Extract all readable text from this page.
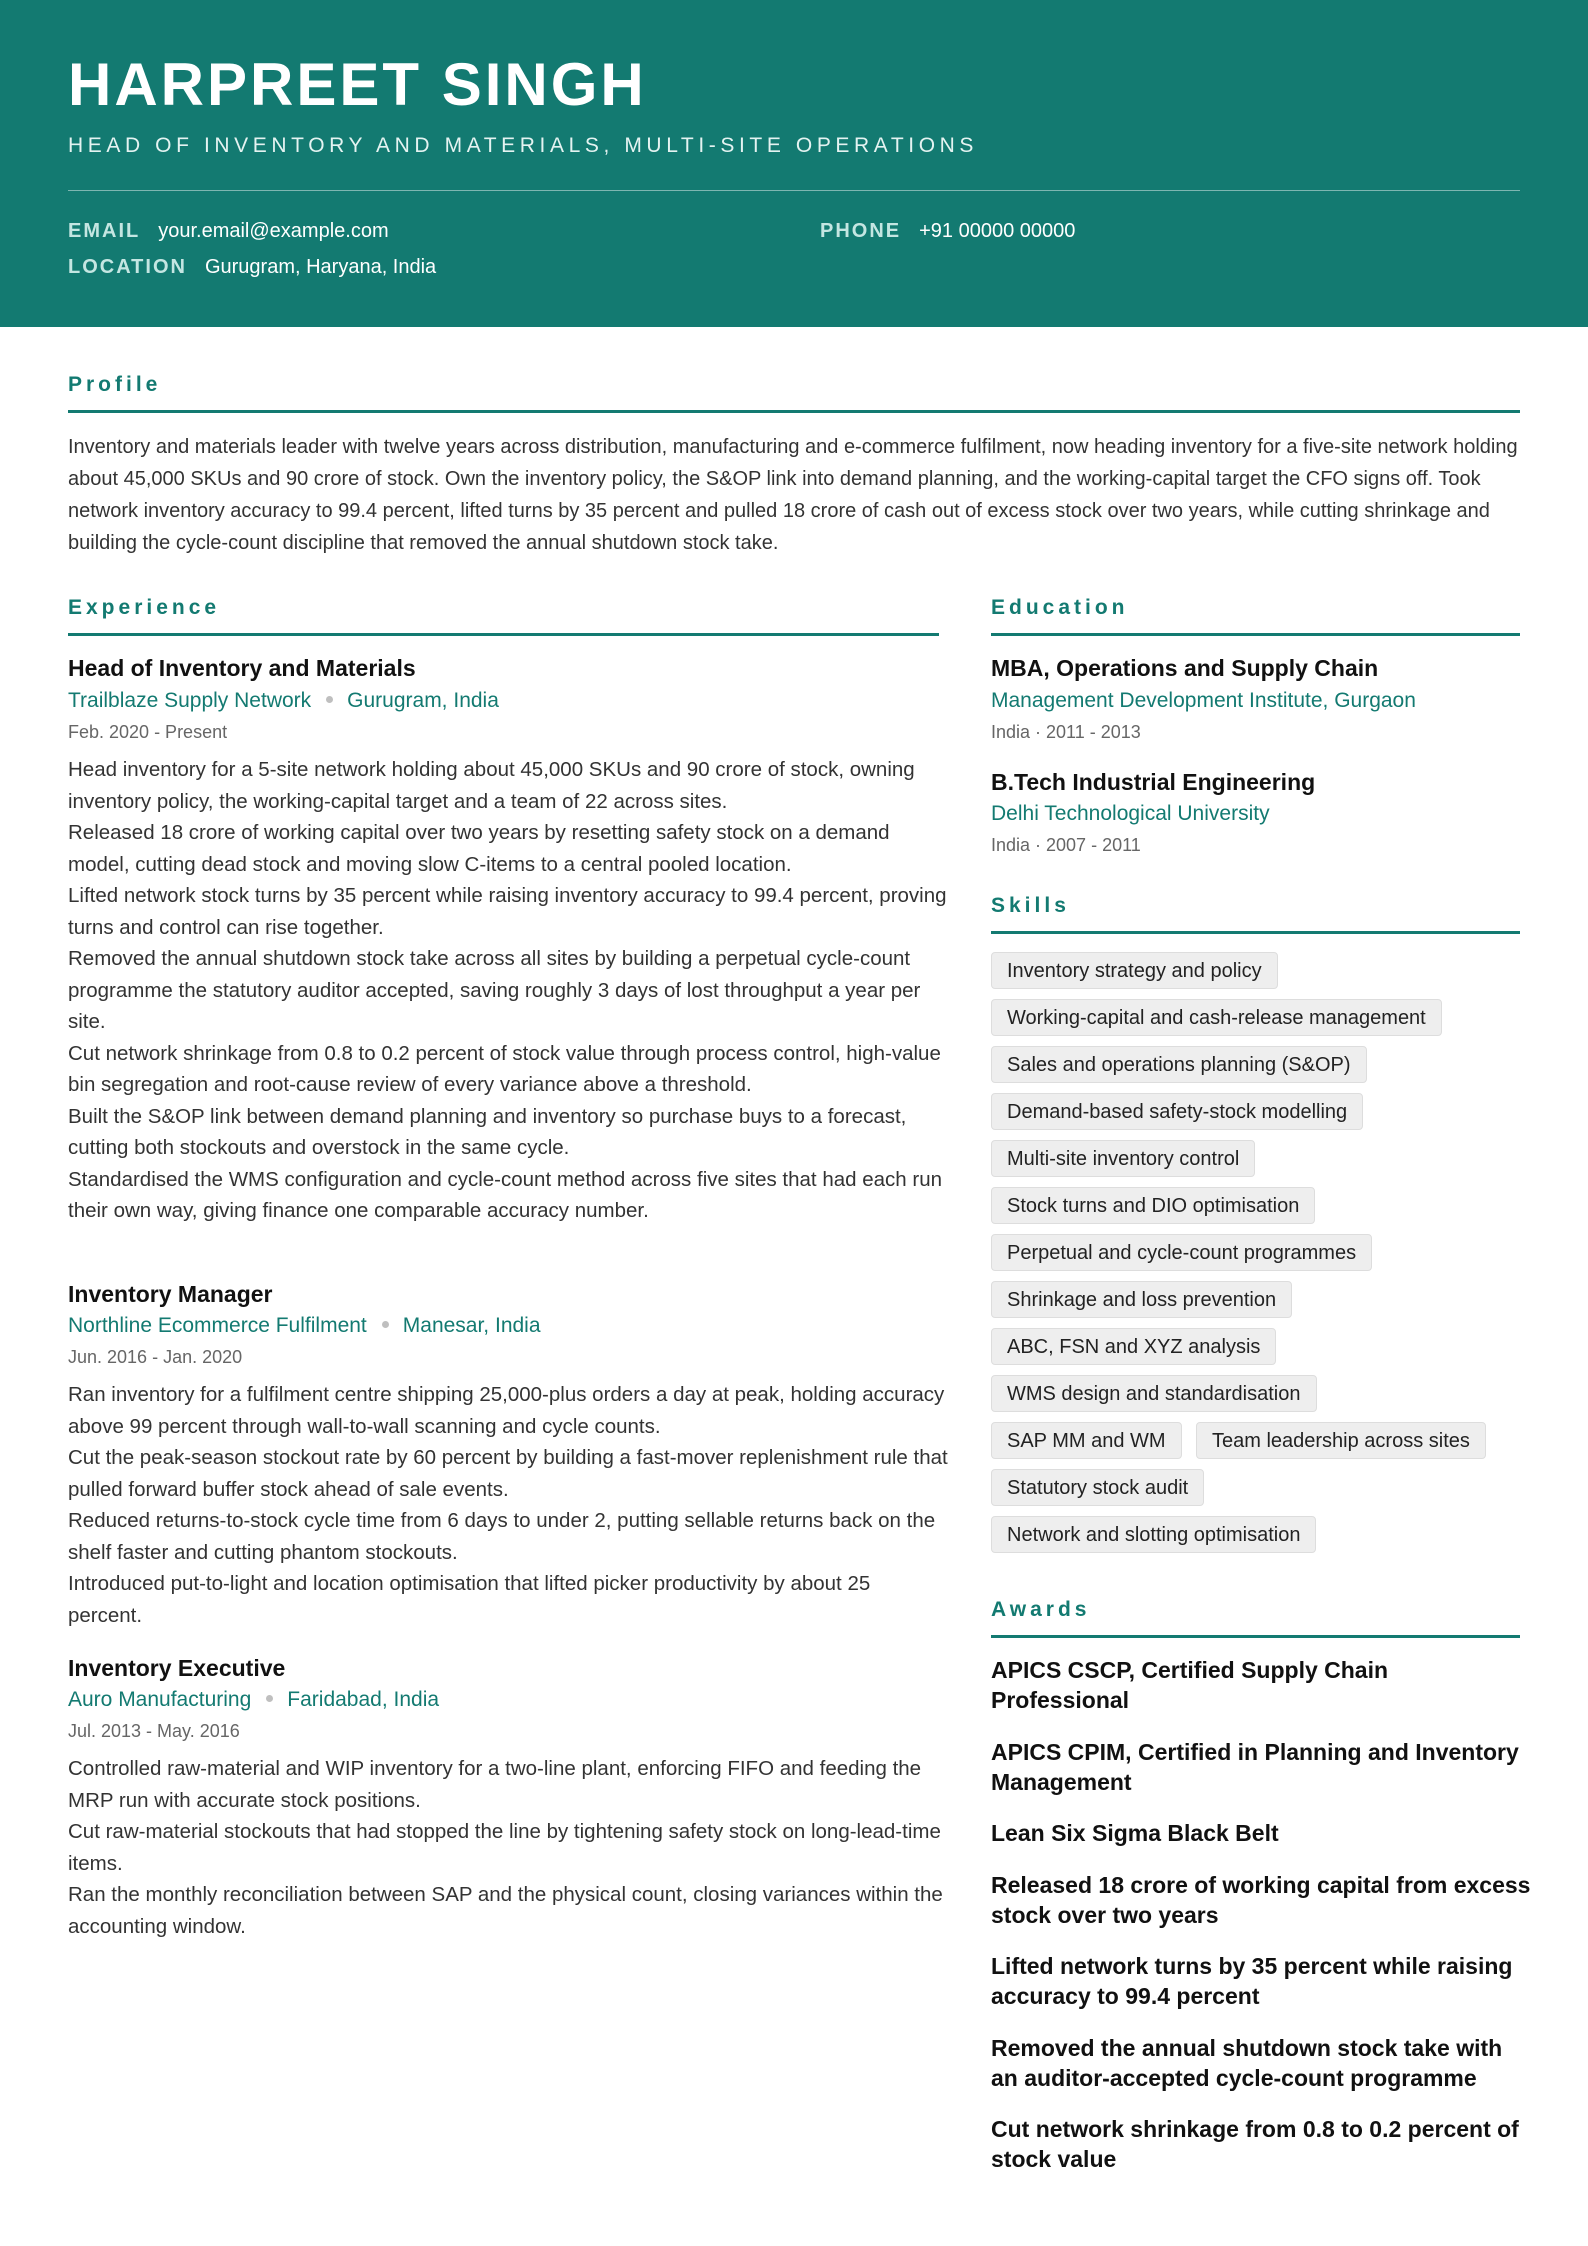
HARPREET SINGH
HEAD OF INVENTORY AND MATERIALS, MULTI-SITE OPERATIONS
EMAIL your.email@example.com	PHONE +91 00000 00000
LOCATION Gurugram, Haryana, India
Profile
Inventory and materials leader with twelve years across distribution, manufacturing and e-commerce fulfilment, now heading inventory for a five-site network holding about 45,000 SKUs and 90 crore of stock. Own the inventory policy, the S&OP link into demand planning, and the working-capital target the CFO signs off. Took network inventory accuracy to 99.4 percent, lifted turns by 35 percent and pulled 18 crore of cash out of excess stock over two years, while cutting shrinkage and building the cycle-count discipline that removed the annual shutdown stock take.
Experience
Head of Inventory and Materials
Trailblaze Supply Network Gurugram, India
Feb. 2020 - Present
Head inventory for a 5-site network holding about 45,000 SKUs and 90 crore of stock, owning inventory policy, the working-capital target and a team of 22 across sites.
Released 18 crore of working capital over two years by resetting safety stock on a demand model, cutting dead stock and moving slow C-items to a central pooled location.
Lifted network stock turns by 35 percent while raising inventory accuracy to 99.4 percent, proving turns and control can rise together.
Removed the annual shutdown stock take across all sites by building a perpetual cycle-count programme the statutory auditor accepted, saving roughly 3 days of lost throughput a year per site.
Cut network shrinkage from 0.8 to 0.2 percent of stock value through process control, high-value bin segregation and root-cause review of every variance above a threshold.
Built the S&OP link between demand planning and inventory so purchase buys to a forecast, cutting both stockouts and overstock in the same cycle.
Standardised the WMS configuration and cycle-count method across five sites that had each run their own way, giving finance one comparable accuracy number.
Inventory Manager
Northline Ecommerce Fulfilment Manesar, India
Jun. 2016 - Jan. 2020
Ran inventory for a fulfilment centre shipping 25,000-plus orders a day at peak, holding accuracy above 99 percent through wall-to-wall scanning and cycle counts.
Cut the peak-season stockout rate by 60 percent by building a fast-mover replenishment rule that pulled forward buffer stock ahead of sale events.
Reduced returns-to-stock cycle time from 6 days to under 2, putting sellable returns back on the shelf faster and cutting phantom stockouts.
Introduced put-to-light and location optimisation that lifted picker productivity by about 25 percent.
Inventory Executive
Auro Manufacturing Faridabad, India
Jul. 2013 - May. 2016
Controlled raw-material and WIP inventory for a two-line plant, enforcing FIFO and feeding the MRP run with accurate stock positions.
Cut raw-material stockouts that had stopped the line by tightening safety stock on long-lead-time items.
Ran the monthly reconciliation between SAP and the physical count, closing variances within the accounting window.
Education
MBA, Operations and Supply Chain
Management Development Institute, Gurgaon
India · 2011 - 2013
B.Tech Industrial Engineering
Delhi Technological University
India · 2007 - 2011
Skills
Inventory strategy and policy
Working-capital and cash-release management
Sales and operations planning (S&OP)
Demand-based safety-stock modelling
Multi-site inventory control
Stock turns and DIO optimisation
Perpetual and cycle-count programmes
Shrinkage and loss prevention
ABC, FSN and XYZ analysis
WMS design and standardisation
SAP MM and WM	Team leadership across sites
Statutory stock audit
Network and slotting optimisation
Awards
APICS CSCP, Certified Supply Chain Professional
APICS CPIM, Certified in Planning and Inventory Management
Lean Six Sigma Black Belt
Released 18 crore of working capital from excess stock over two years
Lifted network turns by 35 percent while raising accuracy to 99.4 percent
Removed the annual shutdown stock take with an auditor-accepted cycle-count programme
Cut network shrinkage from 0.8 to 0.2 percent of stock value
